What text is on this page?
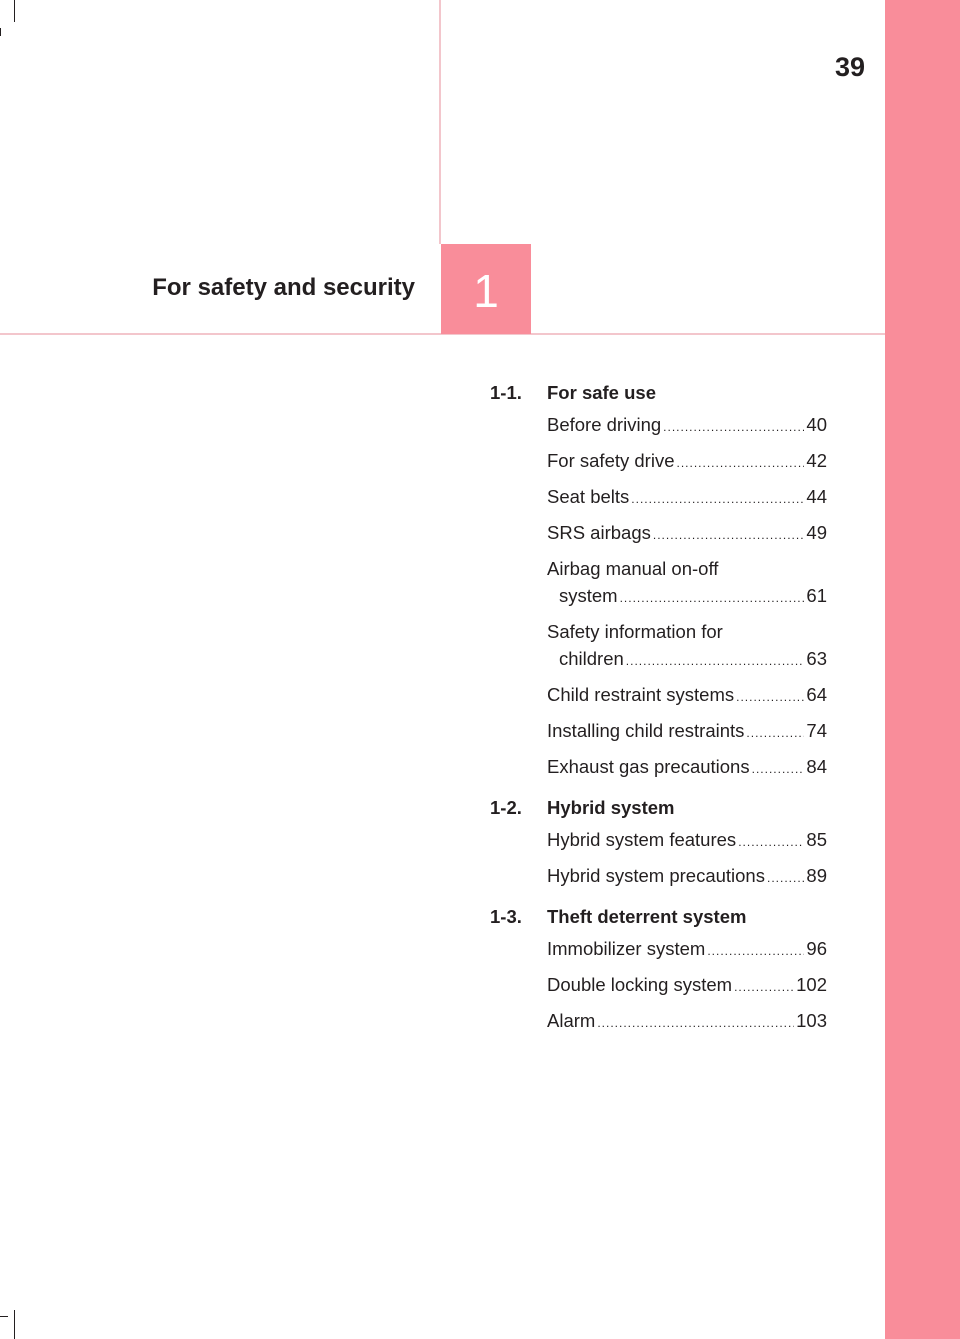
39
For safety and security	1
1-1.	For safe use
Before driving .....	40
For safety drive .....	42
Seat belts .....	44
SRS airbags .....	49
Airbag manual on-off
system .....	61
Safety information for
children .....	63
Child restraint systems .....	64
Installing child restraints .....	74
Exhaust gas precautions .....	84
1-2.	Hybrid system
Hybrid system features .....	85
Hybrid system precautions ..... 89
1-3.	Theft deterrent system
Immobilizer system .....	96
Double locking system .....	102
Alarm .....	103
